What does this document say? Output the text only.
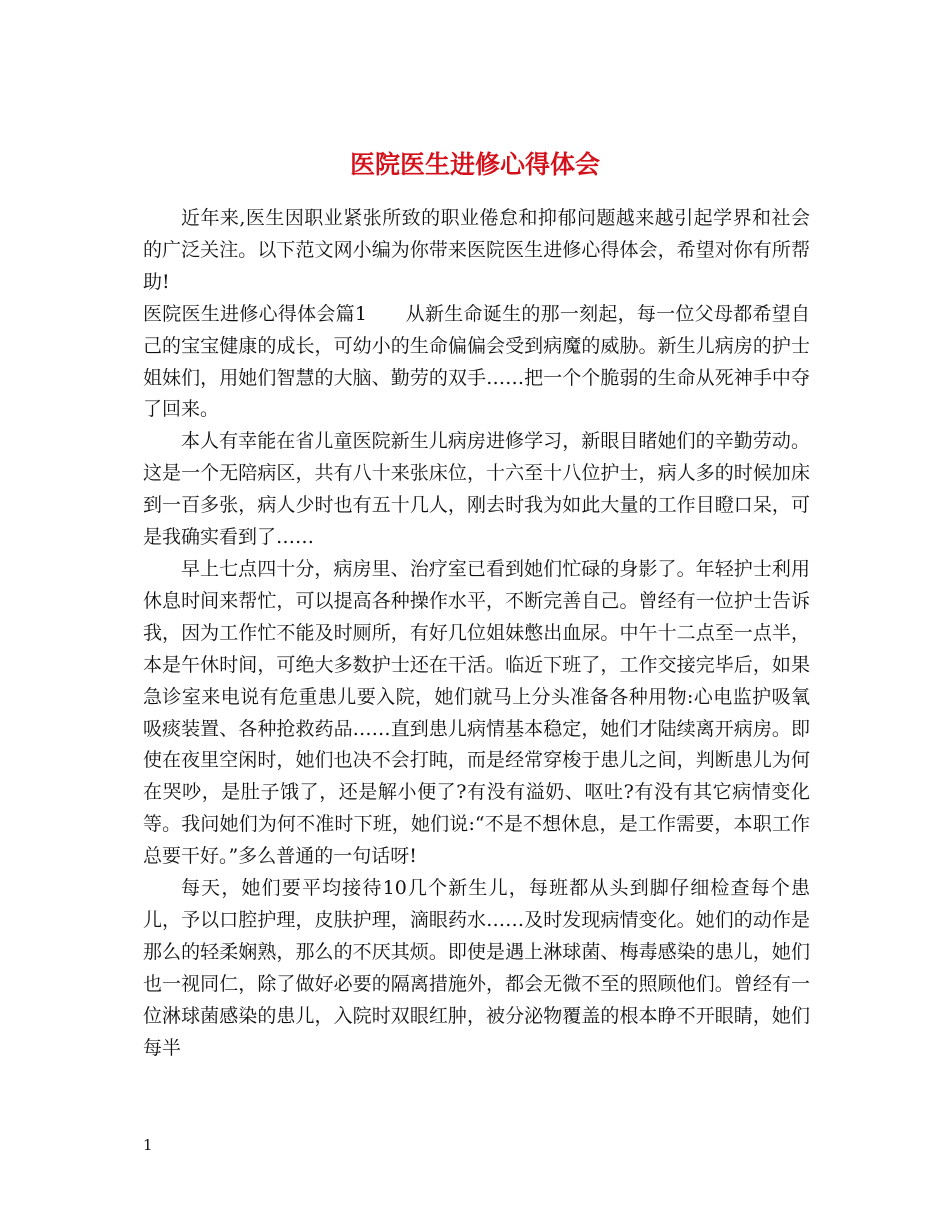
医院医生进修心得体会

近年来,医生因职业紧张所致的职业倦怠和抑郁问题越来越引起学界和社会的广泛关注。以下范文网小编为你带来医院医生进修心得体会，希望对你有所帮助!

医院医生进修心得体会篇1　　从新生命诞生的那一刻起，每一位父母都希望自己的宝宝健康的成长，可幼小的生命偏偏会受到病魔的威胁。新生儿病房的护士姐妹们，用她们智慧的大脑、勤劳的双手……把一个个脆弱的生命从死神手中夺了回来。

本人有幸能在省儿童医院新生儿病房进修学习，新眼目睹她们的辛勤劳动。这是一个无陪病区，共有八十来张床位，十六至十八位护士，病人多的时候加床到一百多张，病人少时也有五十几人，刚去时我为如此大量的工作目瞪口呆，可是我确实看到了……

早上七点四十分，病房里、治疗室已看到她们忙碌的身影了。年轻护士利用休息时间来帮忙，可以提高各种操作水平，不断完善自己。曾经有一位护士告诉我，因为工作忙不能及时厕所，有好几位姐妹憋出血尿。中午十二点至一点半，本是午休时间，可绝大多数护士还在干活。临近下班了，工作交接完毕后，如果急诊室来电说有危重患儿要入院，她们就马上分头准备各种用物:心电监护吸氧吸痰装置、各种抢救药品……直到患儿病情基本稳定，她们才陆续离开病房。即使在夜里空闲时，她们也决不会打盹，而是经常穿梭于患儿之间，判断患儿为何在哭吵，是肚子饿了，还是解小便了?有没有溢奶、呕吐?有没有其它病情变化等。我问她们为何不准时下班，她们说:“不是不想休息，是工作需要，本职工作总要干好。”多么普通的一句话呀!

每天，她们要平均接待10几个新生儿，每班都从头到脚仔细检查每个患儿，予以口腔护理，皮肤护理，滴眼药水……及时发现病情变化。她们的动作是那么的轻柔娴熟，那么的不厌其烦。即使是遇上淋球菌、梅毒感染的患儿，她们也一视同仁，除了做好必要的隔离措施外，都会无微不至的照顾他们。曾经有一位淋球菌感染的患儿，入院时双眼红肿，被分泌物覆盖的根本睁不开眼睛，她们每半

1
